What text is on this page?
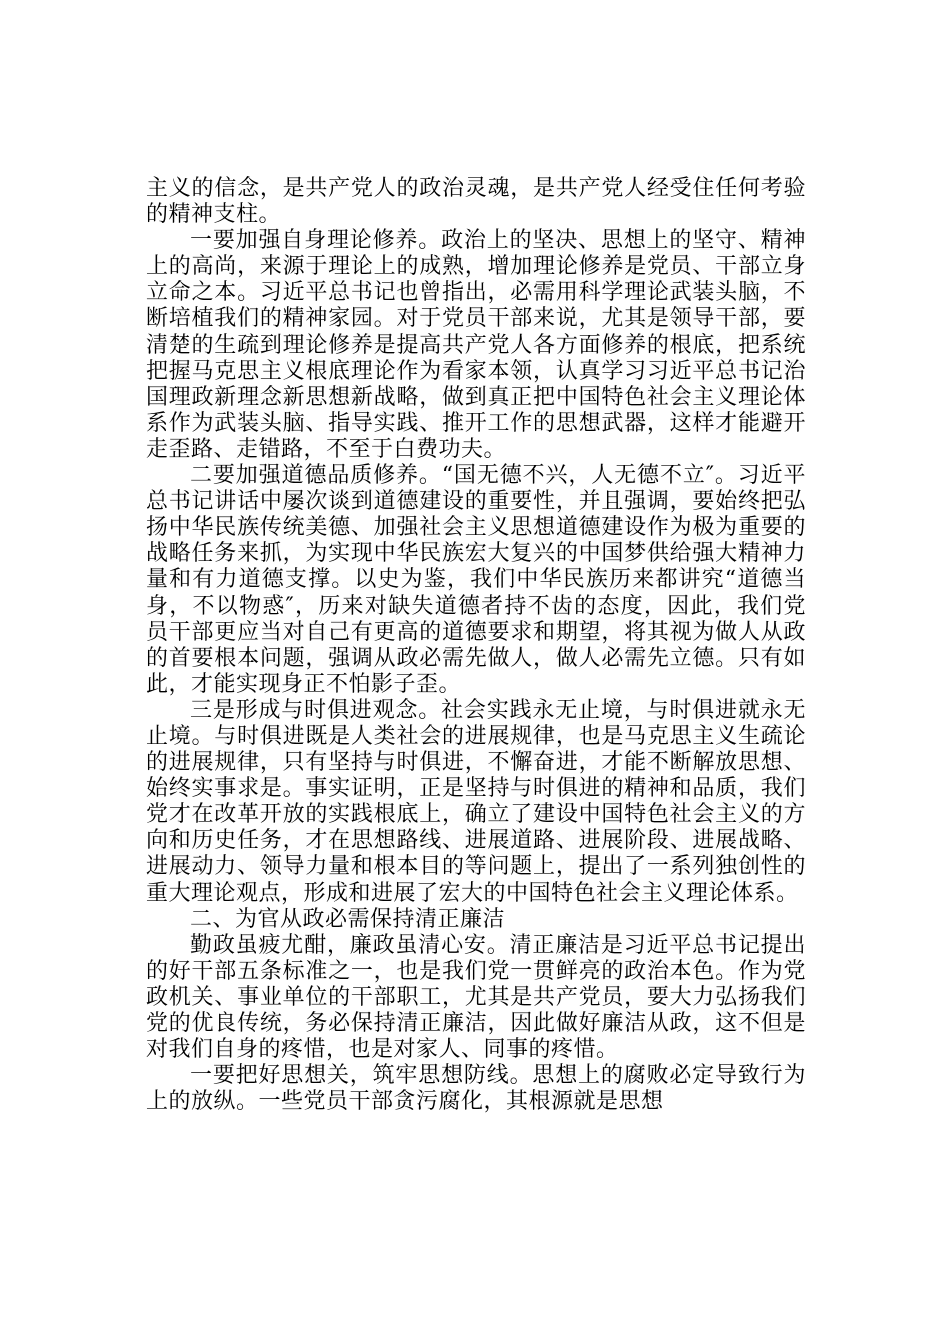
主义的信念，是共产党人的政治灵魂，是共产党人经受住任何考验的精神支柱。

一要加强自身理论修养。政治上的坚决、思想上的坚守、精神上的高尚，来源于理论上的成熟，增加理论修养是党员、干部立身立命之本。习近平总书记也曾指出，必需用科学理论武装头脑，不断培植我们的精神家园。对于党员干部来说，尤其是领导干部，要清楚的生疏到理论修养是提高共产党人各方面修养的根底，把系统把握马克思主义根底理论作为看家本领，认真学习习近平总书记治国理政新理念新思想新战略，做到真正把中国特色社会主义理论体系作为武装头脑、指导实践、推开工作的思想武器，这样才能避开走歪路、走错路，不至于白费功夫。

二要加强道德品质修养。“国无德不兴，人无德不立″。习近平总书记讲话中屡次谈到道德建设的重要性，并且强调，要始终把弘扬中华民族传统美德、加强社会主义思想道德建设作为极为重要的战略任务来抓，为实现中华民族宏大复兴的中国梦供给强大精神力量和有力道德支撑。以史为鉴，我们中华民族历来都讲究“道德当身，不以物惑″，历来对缺失道德者持不齿的态度，因此，我们党员干部更应当对自己有更高的道德要求和期望，将其视为做人从政的首要根本问题，强调从政必需先做人，做人必需先立德。只有如此，才能实现身正不怕影子歪。

三是形成与时俱进观念。社会实践永无止境，与时俱进就永无止境。与时俱进既是人类社会的进展规律，也是马克思主义生疏论的进展规律，只有坚持与时俱进，不懈奋进，才能不断解放思想、始终实事求是。事实证明，正是坚持与时俱进的精神和品质，我们党才在改革开放的实践根底上，确立了建设中国特色社会主义的方向和历史任务，才在思想路线、进展道路、进展阶段、进展战略、进展动力、领导力量和根本目的等问题上，提出了一系列独创性的重大理论观点，形成和进展了宏大的中国特色社会主义理论体系。

二、为官从政必需保持清正廉洁

勤政虽疲尤酣，廉政虽清心安。清正廉洁是习近平总书记提出的好干部五条标准之一，也是我们党一贯鲜亮的政治本色。作为党政机关、事业单位的干部职工，尤其是共产党员，要大力弘扬我们党的优良传统，务必保持清正廉洁，因此做好廉洁从政，这不但是对我们自身的疼惜，也是对家人、同事的疼惜。

一要把好思想关，筑牢思想防线。思想上的腐败必定导致行为上的放纵。一些党员干部贪污腐化，其根源就是思想
